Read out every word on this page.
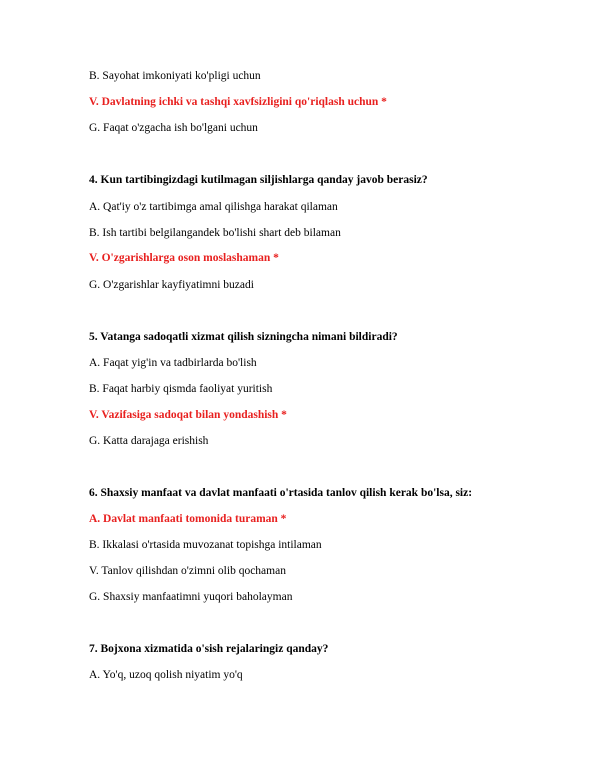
B. Sayohat imkoniyati ko'pligi uchun
V. Davlatning ichki va tashqi xavfsizligini qo'riqlash uchun *
G. Faqat o'zgacha ish bo'lgani uchun
4. Kun tartibingizdagi kutilmagan siljishlarga qanday javob berasiz?
A. Qat'iy o'z tartibimga amal qilishga harakat qilaman
B. Ish tartibi belgilangandek bo'lishi shart deb bilaman
V. O'zgarishlarga oson moslashaman *
G. O'zgarishlar kayfiyatimni buzadi
5. Vatanga sadoqatli xizmat qilish sizningcha nimani bildiradi?
A. Faqat yig'in va tadbirlarda bo'lish
B. Faqat harbiy qismda faoliyat yuritish
V. Vazifasiga sadoqat bilan yondashish *
G. Katta darajaga erishish
6. Shaxsiy manfaat va davlat manfaati o'rtasida tanlov qilish kerak bo'lsa, siz:
A. Davlat manfaati tomonida turaman *
B. Ikkalasi o'rtasida muvozanat topishga intilaman
V. Tanlov qilishdan o'zimni olib qochaman
G. Shaxsiy manfaatimni yuqori baholayman
7. Bojxona xizmatida o'sish rejalaringiz qanday?
A. Yo'q, uzoq qolish niyatim yo'q
